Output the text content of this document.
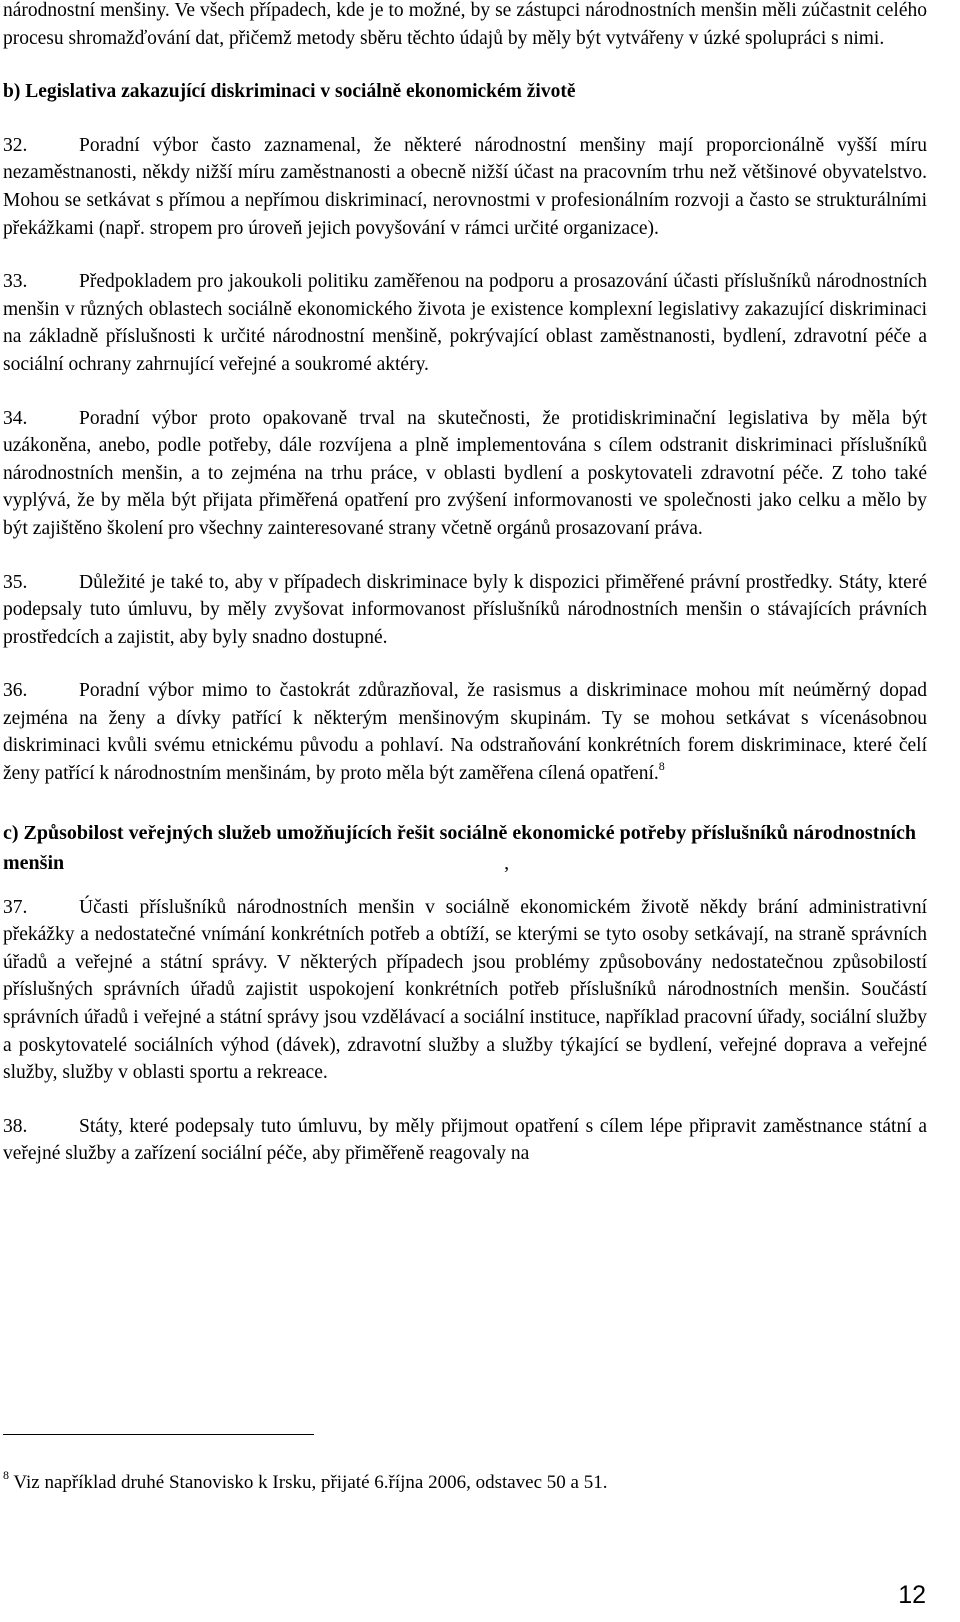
národnostní menšiny. Ve všech případech, kde je to možné, by se zástupci národnostních menšin měli zúčastnit celého procesu shromažďování dat, přičemž metody sběru těchto údajů by měly být vytvářeny v úzké spolupráci s nimi.

b) Legislativa zakazující diskriminaci v sociálně ekonomickém životě

32.	Poradní výbor často zaznamenal, že některé národnostní menšiny mají proporcionálně vyšší míru nezaměstnanosti, někdy nižší míru zaměstnanosti a obecně nižší účast na pracovním trhu než většinové obyvatelstvo. Mohou se setkávat s přímou a nepřímou diskriminací, nerovnostmi v profesionálním rozvoji a často se strukturálními překážkami (např. stropem pro úroveň jejich povyšování v rámci určité organizace).

33.	Předpokladem pro jakoukoli politiku zaměřenou na podporu a prosazování účasti příslušníků národnostních menšin v různých oblastech sociálně ekonomického života je existence komplexní legislativy zakazující diskriminaci na základně příslušnosti k určité národnostní menšině, pokrývající oblast zaměstnanosti, bydlení, zdravotní péče a sociální ochrany zahrnující veřejné a soukromé aktéry.

34.	Poradní výbor proto opakovaně trval na skutečnosti, že protidiskriminační legislativa by měla být uzákoněna, anebo, podle potřeby, dále rozvíjena a plně implementována s cílem odstranit diskriminaci příslušníků národnostních menšin, a to zejména na trhu práce, v oblasti bydlení a poskytovateli zdravotní péče. Z toho také vyplývá, že by měla být přijata přiměřená opatření pro zvýšení informovanosti ve společnosti jako celku a mělo by být zajištěno školení pro všechny zainteresované strany včetně orgánů prosazovaní práva.

35.	Důležité je také to, aby v případech diskriminace byly k dispozici přiměřené právní prostředky. Státy, které podepsaly tuto úmluvu, by měly zvyšovat informovanost příslušníků národnostních menšin o stávajících právních prostředcích a zajistit, aby byly snadno dostupné.

36.	Poradní výbor mimo to častokrát zdůrazňoval, že rasismus a diskriminace mohou mít neúměrný dopad zejména na ženy a dívky patřící k některým menšinovým skupinám. Ty se mohou setkávat s vícenásobnou diskriminaci kvůli svému etnickému původu a pohlaví. Na odstraňování konkrétních forem diskriminace, které čelí ženy patřící k národnostním menšinám, by proto měla být zaměřena cílená opatření.$^8$

c) Způsobilost veřejných služeb umožňujících řešit sociálně ekonomické potřeby příslušníků národnostních menšin	,

37.	Účasti příslušníků národnostních menšin v sociálně ekonomickém životě někdy brání administrativní překážky a nedostatečné vnímání konkrétních potřeb a obtíží, se kterými se tyto osoby setkávají, na straně správních úřadů a veřejné a státní správy. V některých případech jsou problémy způsobovány nedostatečnou způsobilostí příslušných správních úřadů zajistit uspokojení konkrétních potřeb příslušníků národnostních menšin. Součástí správních úřadů i veřejné a státní správy jsou vzdělávací a sociální instituce, například pracovní úřady, sociální služby a poskytovatelé sociálních výhod (dávek), zdravotní služby a služby týkající se bydlení, veřejné doprava a veřejné služby, služby v oblasti sportu a rekreace.

38.	Státy, které podepsaly tuto úmluvu, by měly přijmout opatření s cílem lépe připravit zaměstnance státní a veřejné služby a zařízení sociální péče, aby přiměřeně reagovaly na

$^8$ Viz například druhé Stanovisko k Irsku, přijaté 6.října 2006, odstavec 50 a 51.
12
